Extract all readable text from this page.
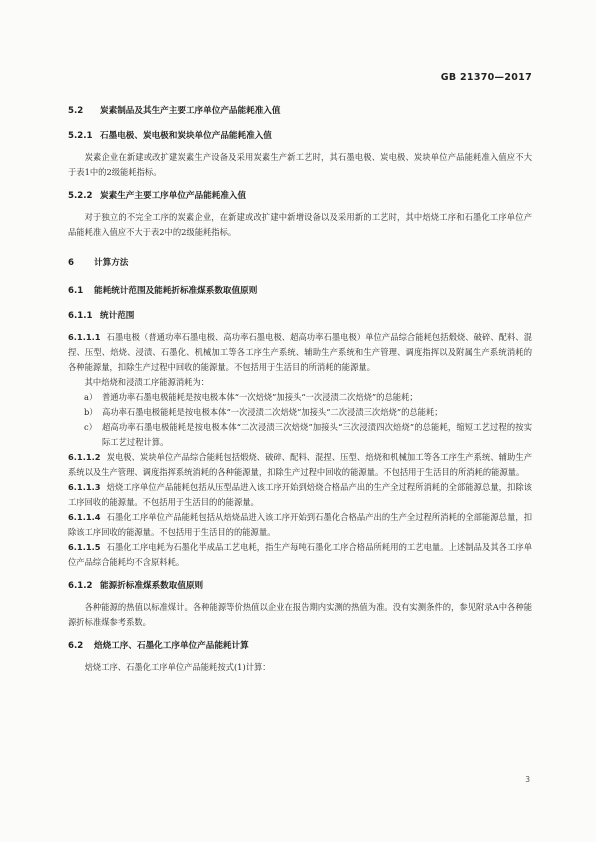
GB 21370—2017
5.2 炭素制品及其生产主要工序单位产品能耗准入值
5.2.1 石墨电极、炭电极和炭块单位产品能耗准入值

炭素企业在新建或改扩建炭素生产设备及采用炭素生产新工艺时，其石墨电极、炭电极、炭块单位产品能耗准入值应不大于表1中的2级能耗指标。

5.2.2 炭素生产主要工序单位产品能耗准入值

对于独立的不完全工序的炭素企业，在新建或改扩建中新增设备以及采用新的工艺时，其中焙烧工序和石墨化工序单位产品能耗准入值应不大于表2中的2级能耗指标。

6 计算方法
6.1 能耗统计范围及能耗折标准煤系数取值原则
6.1.1 统计范围
6.1.1.1 石墨电极（普通功率石墨电极、高功率石墨电极、超高功率石墨电极）单位产品综合能耗包括煅烧、破碎、配料、混捏、压型、焙烧、浸渍、石墨化、机械加工等各工序生产系统、辅助生产系统和生产管理、调度指挥以及附属生产系统消耗的各种能源量，扣除生产过程中回收的能源量。不包括用于生活目的所消耗的能源量。

其中焙烧和浸渍工序能源消耗为：

a） 普通功率石墨电极能耗是按电极本体“一次焙烧”加接头“一次浸渍二次焙烧”的总能耗；
b） 高功率石墨电极能耗是按电极本体“一次浸渍二次焙烧”加接头“二次浸渍三次焙烧”的总能耗；
c） 超高功率石墨电极能耗是按电极本体“二次浸渍三次焙烧”加接头“三次浸渍四次焙烧”的总能耗，缩短工艺过程的按实际工艺过程计算。
6.1.1.2 炭电极、炭块单位产品综合能耗包括煅烧、破碎、配料、混捏、压型、焙烧和机械加工等各工序生产系统、辅助生产系统以及生产管理、调度指挥系统消耗的各种能源量，扣除生产过程中回收的能源量。不包括用于生活目的所消耗的能源量。
6.1.1.3 焙烧工序单位产品能耗包括从压型品进入该工序开始到焙烧合格品产出的生产全过程所消耗的全部能源总量，扣除该工序回收的能源量。不包括用于生活目的的能源量。
6.1.1.4 石墨化工序单位产品能耗包括从焙烧品进入该工序开始到石墨化合格品产出的生产全过程所消耗的全部能源总量，扣除该工序回收的能源量。不包括用于生活目的的能源量。
6.1.1.5 石墨化工序电耗为石墨化半成品工艺电耗，指生产每吨石墨化工序合格品所耗用的工艺电量。上述制品及其各工序单位产品综合能耗均不含原料耗。
6.1.2 能源折标准煤系数取值原则

各种能源的热值以标准煤计。各种能源等价热值以企业在报告期内实测的热值为准。没有实测条件的，参见附录A中各种能源折标准煤参考系数。

6.2 焙烧工序、石墨化工序单位产品能耗计算

焙烧工序、石墨化工序单位产品能耗按式(1)计算：

3
